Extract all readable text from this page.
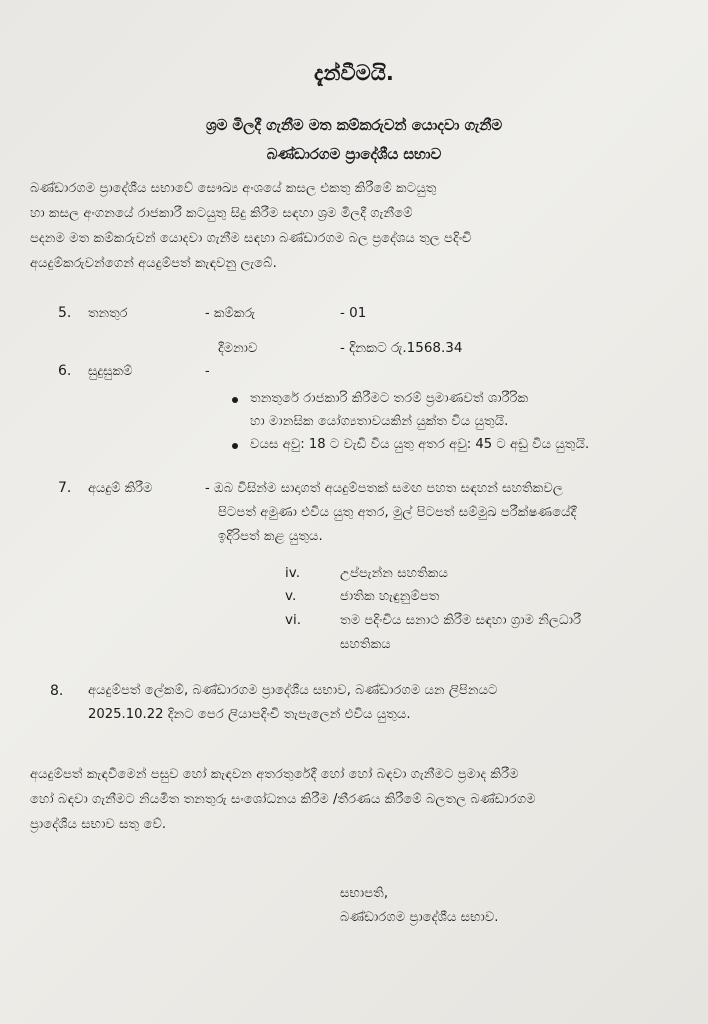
දැන්වීමයි.
ශ්‍රම මිලදී ගැනීම මත කම්කරුවන් යොදවා ගැනීම
බණ්ඩාරගම ප්‍රාදේශීය සභාව
බණ්ඩාරගම ප්‍රාදේශීය සභාවේ සෞඛ්‍ය අංශයේ කසල එකතු කිරීමේ කටයුතු
හා කසල අංගනයේ රාජකාරී කටයුතු සිදු කිරීම සඳහා ශ්‍රම මිලදී ගැනීමේ
පදනම මත කම්කරුවන් යොදවා ගැනීම සඳහා බණ්ඩාරගම බල ප්‍රදේශය තුල පදිංචි
අයදුම්කරුවන්ගෙන් අයදුම්පත් කැඳවනු ලැබේ.
5. තනතුර	- කම්කරු	- 01
දීමනාව	- දිනකට රු.1568.34
6. සුදුසුකම්	-
තනතුරේ රාජකාරි කිරීමට තරම් ප්‍රමාණවත් ශාරීරික
හා මානසික යෝග්‍යතාවයකින් යුක්ත විය යුතුයි.
වයස අවු: 18 ට වැඩි විය යුතු අතර අවු: 45 ට අඩු විය යුතුයි.
7. අයදුම් කිරීම	- ඔබ විසින්ම සාදාගත් අයදුම්පතක් සමඟ පහත සඳහන් සහතිකවල
පිටපත් අමුණා එවිය යුතු අතර, මුල් පිටපත් සම්මුඛ පරීක්ෂණයේදී
ඉදිරිපත් කළ යුතුය.
iv.	උප්පැන්න සහතිකය
v.	ජාතික හැඳුනුම්පත
vi.	තම පදිංචිය සනාථ කිරීම සඳහා ග්‍රාම නිලධාරී
සහතිකය
8. අයදුම්පත් ලේකම්, බණ්ඩාරගම ප්‍රාදේශීය සභාව, බණ්ඩාරගම යන ලිපිනයට
2025.10.22 දිනට පෙර ලියාපදිංචි තැපැලෙන් එවිය යුතුය.
අයදුම්පත් කැඳවීමෙන් පසුව හෝ කැඳවන අතරතුරේදී හෝ හෝ බඳවා ගැනීමට ප්‍රමාද කිරීම
හෝ බඳවා ගැනීමට නියමිත තනතුරු සංශෝධනය කිරීම /තීරණය කිරීමේ බලතල බණ්ඩාරගම
ප්‍රාදේශීය සභාව සතු වේ.
සභාපති,
බණ්ඩාරගම ප්‍රාදේශීය සභාව.
